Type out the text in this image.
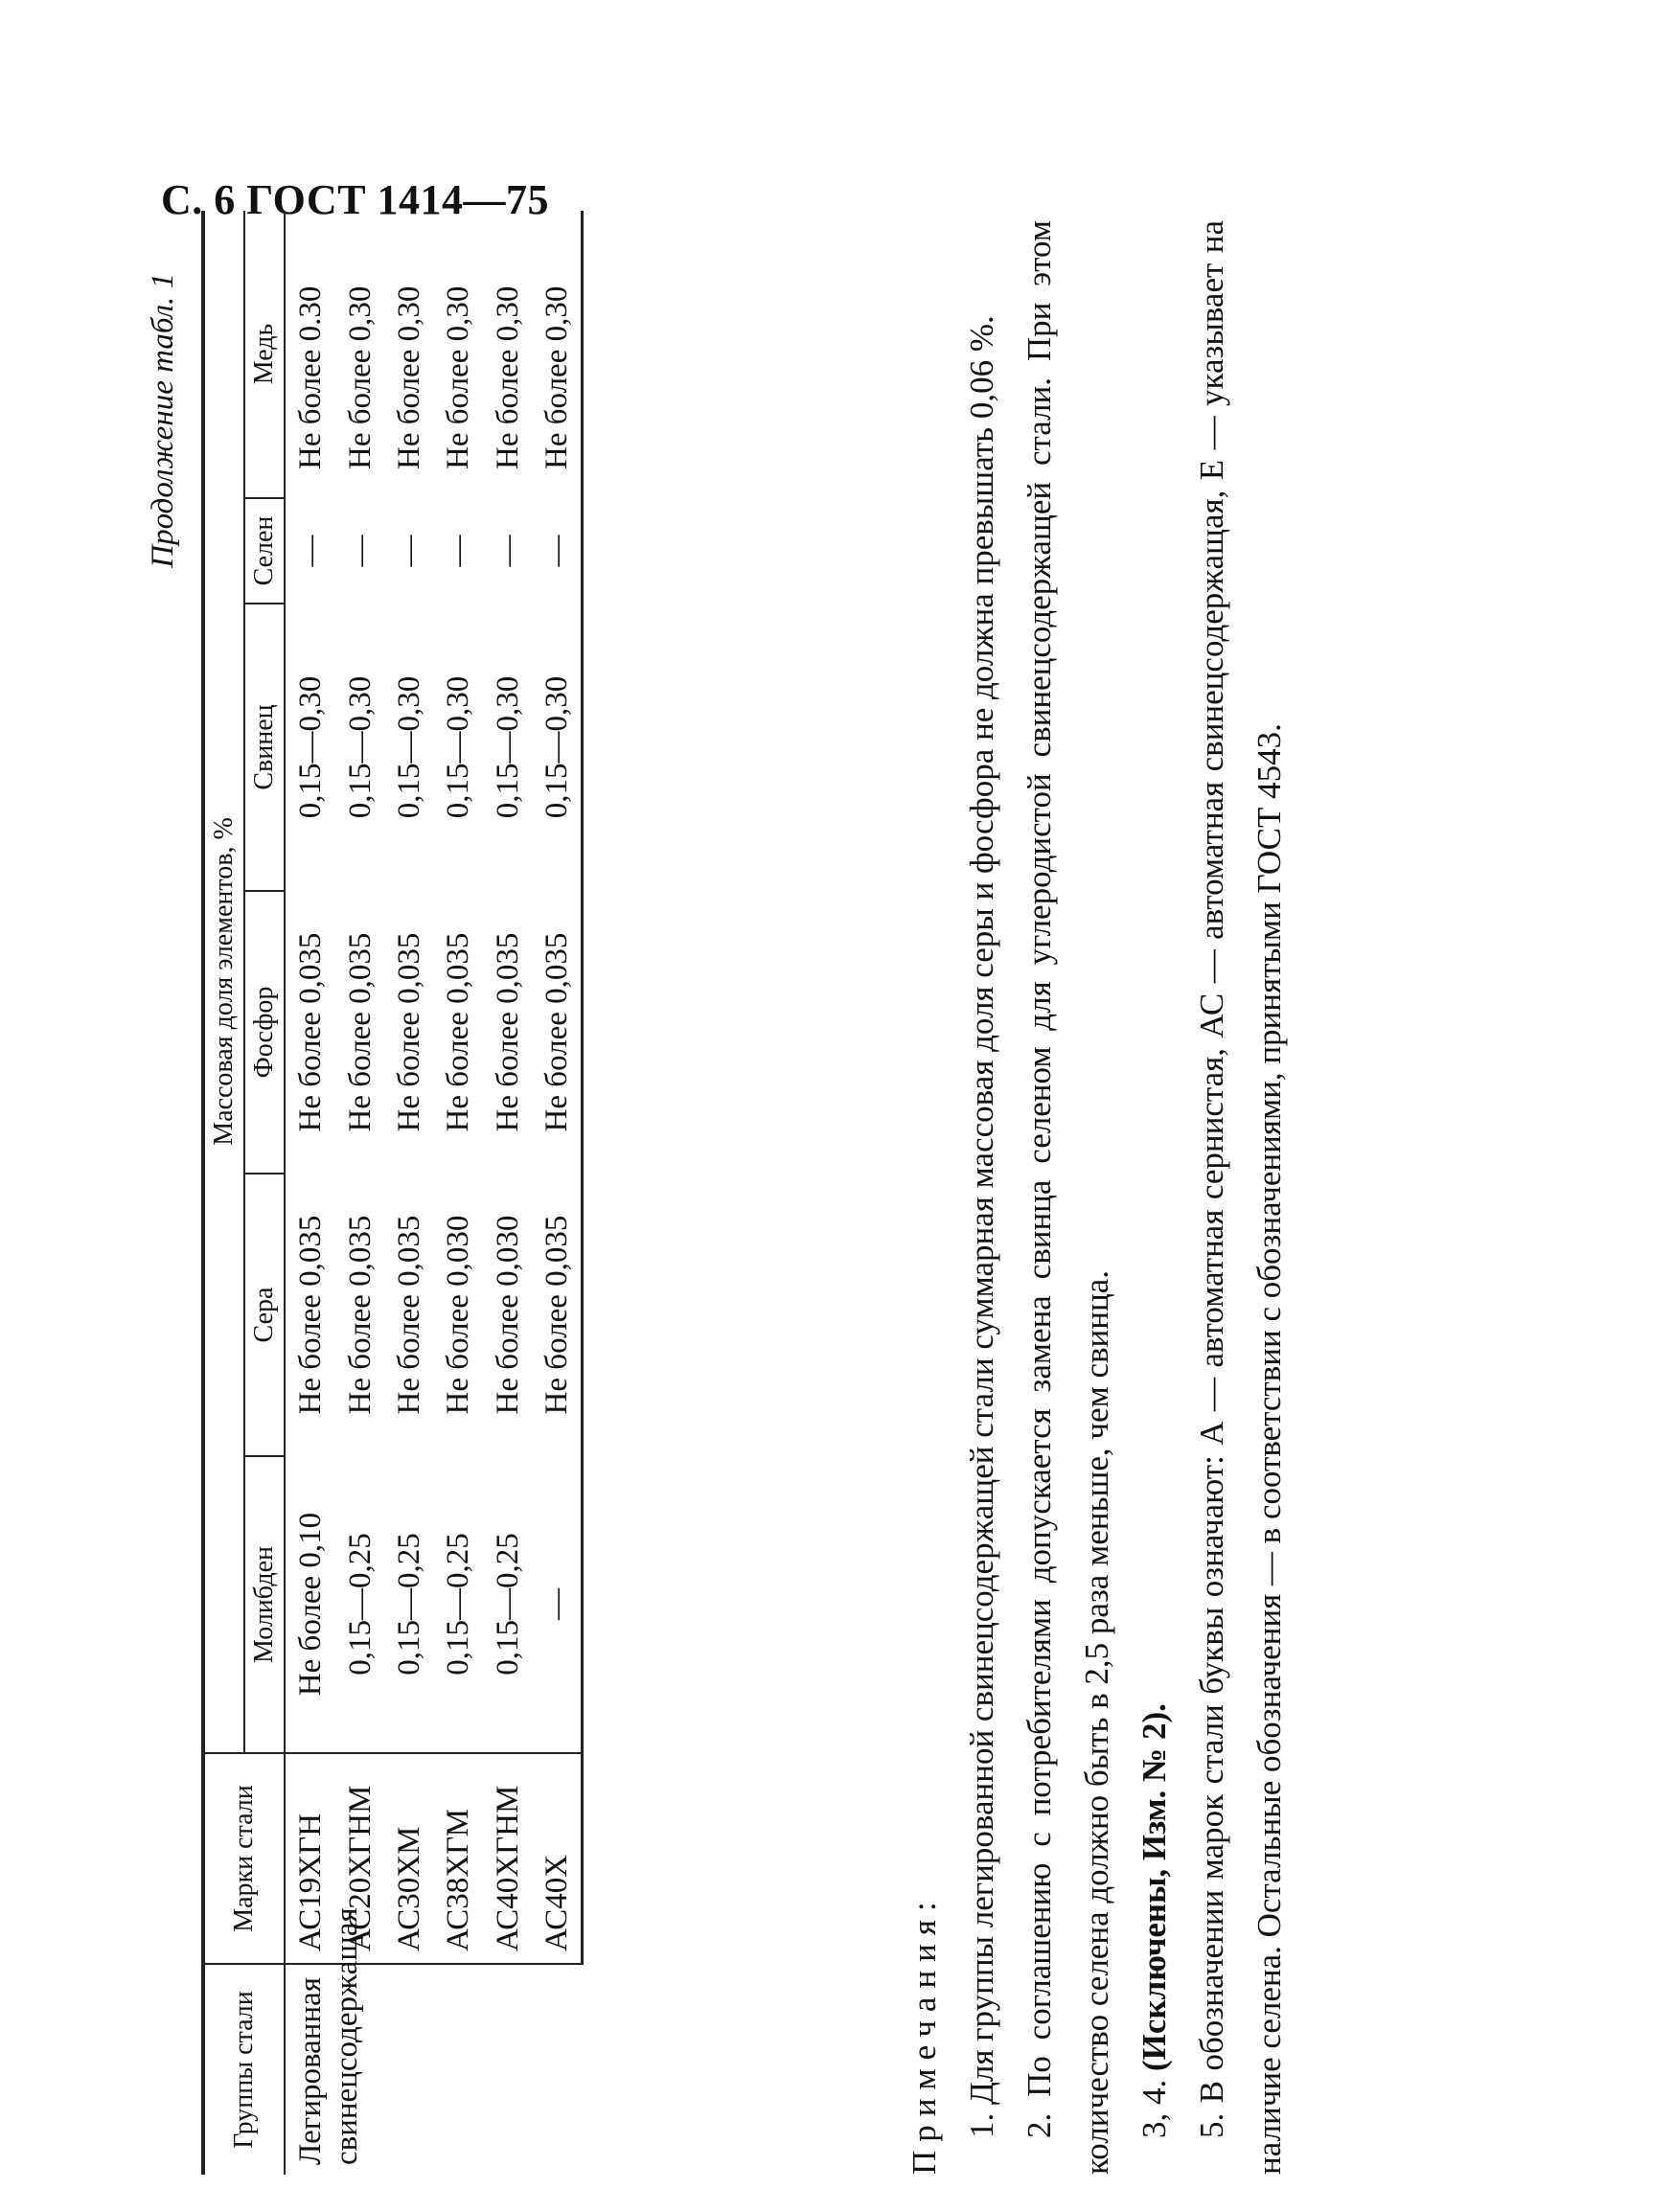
С. 6 ГОСТ 1414—75
Продолжение табл. 1
Группы стали	Марки стали	Массовая доля элементов, %					
		Молибден	Сера	Фосфор	Свинец	Селен	Медь
Легированная свинецсодержащая	АС19ХГН	Не более 0,10	Не более 0,035	Не более 0,035	0,15—0,30	—	Не более 0.30
	АС20ХГНМ	0,15—0,25	Не более 0,035	Не более 0,035	0,15—0,30	—	Не более 0,30
	АС30ХМ	0,15—0,25	Не более 0,035	Не более 0,035	0,15—0,30	—	Не более 0,30
	АС38ХГМ	0,15—0,25	Не более 0,030	Не более 0,035	0,15—0,30	—	Не более 0,30
	АС40ХГНМ	0,15—0,25	Не более 0,030	Не более 0,035	0,15—0,30	—	Не более 0,30
	АС40Х	—	Не более 0,035	Не более 0,035	0,15—0,30	—	Не более 0,30

Примечания: 1. Для группы легированной свинецсодержащей стали суммарная массовая доля серы и фосфора не должна превышать 0,06 %. 2. По соглашению с потребителями допускается замена свинца селеном для углеродистой свинецсодержащей стали. При этом количество селена должно быть в 2,5 раза меньше, чем свинца. 3, 4. (Исключены, Изм. № 2). 5. В обозначении марок стали буквы означают: А — автоматная сернистая, АС — автоматная свинецсодержащая, Е — указывает на наличие селена. Остальные обозначения — в соответствии с обозначениями, принятыми ГОСТ 4543.
